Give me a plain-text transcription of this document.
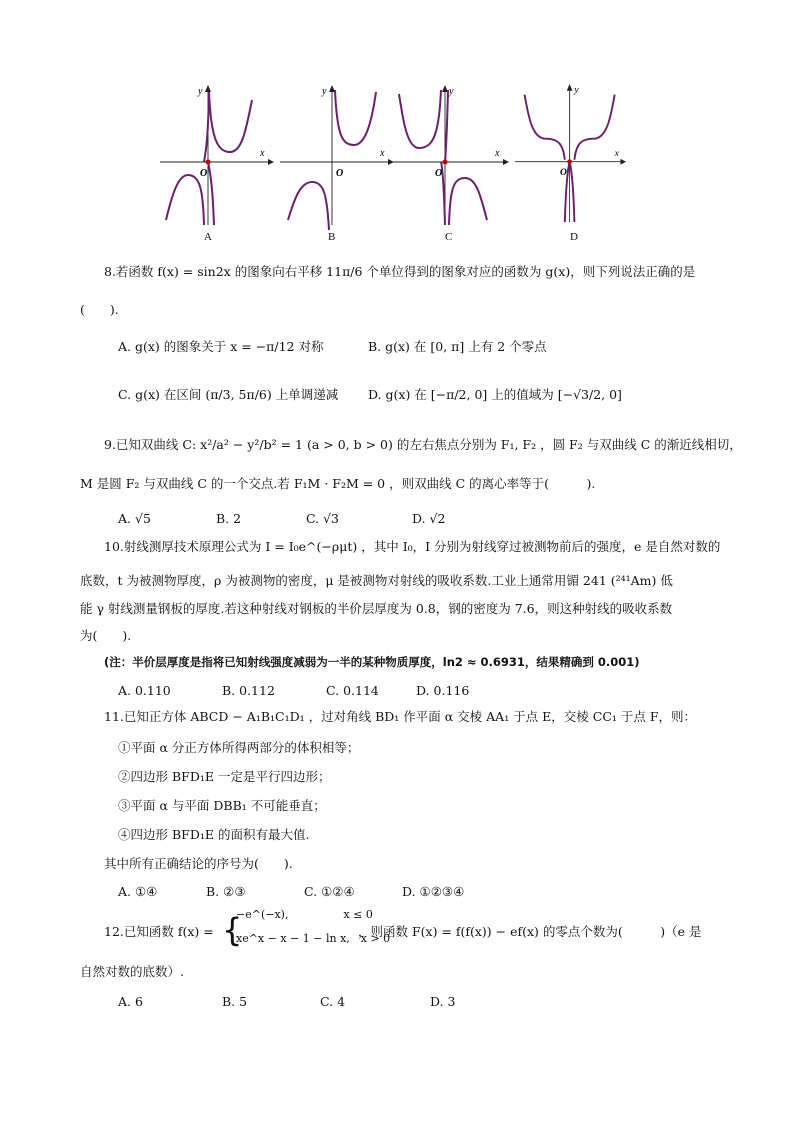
O
x
y
A
O
x
y
B
O
x
y
C
O
x
y
D
8.若函数 f(x) = sin2x 的图象向右平移 11π/6 个单位得到的图象对应的函数为 g(x)，则下列说法正确的是
(　　).
A. g(x) 的图象关于 x = −π/12 对称	B. g(x) 在 [0, π] 上有 2 个零点
C. g(x) 在区间 (π/3, 5π/6) 上单调递减 D. g(x) 在 [−π/2, 0] 上的值域为 [−√3/2, 0]
9.已知双曲线 C: x²/a² − y²/b² = 1 (a > 0, b > 0) 的左右焦点分别为 F₁, F₂ ，圆 F₂ 与双曲线 C 的渐近线相切，
M 是圆 F₂ 与双曲线 C 的一个交点.若 F₁M · F₂M = 0 ，则双曲线 C 的离心率等于(　　　).
A. √5	B. 2	C. √3	D. √2
10.射线测厚技术原理公式为 I = I₀e^(−ρμt) ，其中 I₀，I 分别为射线穿过被测物前后的强度，e 是自然对数的
底数，t 为被测物厚度，ρ 为被测物的密度，μ 是被测物对射线的吸收系数.工业上通常用镅 241 (²⁴¹Am) 低
能 γ 射线测量钢板的厚度.若这种射线对钢板的半价层厚度为 0.8，钢的密度为 7.6，则这种射线的吸收系数
为(　　).
(注：半价层厚度是指将已知射线强度减弱为一半的某种物质厚度，ln2 ≈ 0.6931，结果精确到 0.001)
A. 0.110	B. 0.112	C. 0.114	D. 0.116
11.已知正方体 ABCD − A₁B₁C₁D₁ ，过对角线 BD₁ 作平面 α 交棱 AA₁ 于点 E，交棱 CC₁ 于点 F，则：
①平面 α 分正方体所得两部分的体积相等；
②四边形 BFD₁E 一定是平行四边形；
③平面 α 与平面 DBB₁ 不可能垂直；
④四边形 BFD₁E 的面积有最大值.
其中所有正确结论的序号为(　　).
A. ①④	B. ②③	C. ①②④	D. ①②③④
12.已知函数 f(x) = {
−e^(−x),　　　　　x ≤ 0
xe^x − x − 1 − ln x,　x > 0
，则函数 F(x) = f(f(x)) − ef(x) 的零点个数为(　　　)（e 是
自然对数的底数）.
A. 6	B. 5	C. 4	D. 3
